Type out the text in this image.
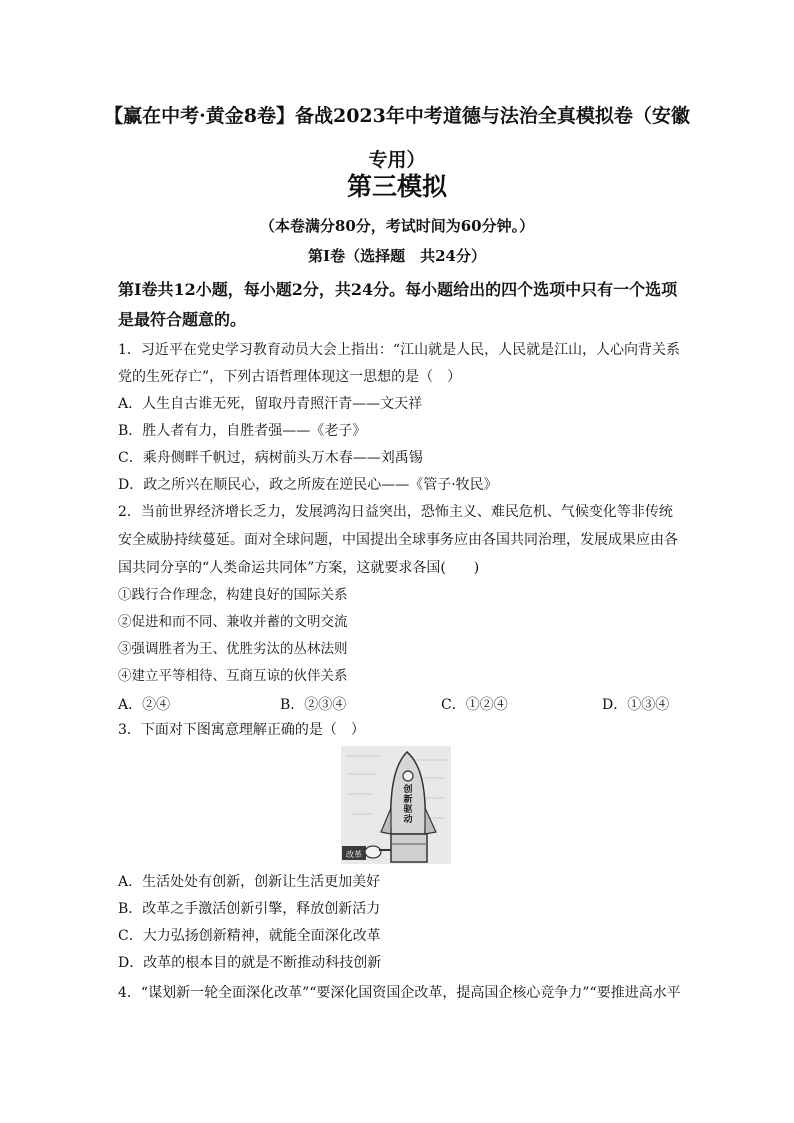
【赢在中考·黄金8卷】备战2023年中考道德与法治全真模拟卷（安徽专用）
第三模拟
（本卷满分80分，考试时间为60分钟。）
第I卷（选择题　共24分）
第I卷共12小题，每小题2分，共24分。每小题给出的四个选项中只有一个选项是最符合题意的。
1．习近平在党史学习教育动员大会上指出：“江山就是人民，人民就是江山，人心向背关系
党的生死存亡”，下列古语哲理体现这一思想的是（　）
A．人生自古谁无死，留取丹青照汗青——文天祥
B．胜人者有力，自胜者强——《老子》
C．乘舟侧畔千帆过，病树前头万木春——刘禹锡
D．政之所兴在顺民心，政之所废在逆民心——《管子·牧民》
2．当前世界经济增长乏力，发展鸿沟日益突出，恐怖主义、难民危机、气候变化等非传统
安全威胁持续蔓延。面对全球问题，中国提出全球事务应由各国共同治理，发展成果应由各
国共同分享的“人类命运共同体”方案，这就要求各国(　　)
①践行合作理念，构建良好的国际关系
②促进和而不同、兼收并蓄的文明交流
③强调胜者为王、优胜劣汰的丛林法则
④建立平等相待、互商互谅的伙伴关系
A．②④	B．②③④	C．①②④	D．①③④
3．下面对下图寓意理解正确的是（　）
创
新
驱
动
改革
A．生活处处有创新，创新让生活更加美好
B．改革之手激活创新引擎，释放创新活力
C．大力弘扬创新精神，就能全面深化改革
D．改革的根本目的就是不断推动科技创新
4．“谋划新一轮全面深化改革”“要深化国资国企改革，提高国企核心竞争力”“要推进高水平
